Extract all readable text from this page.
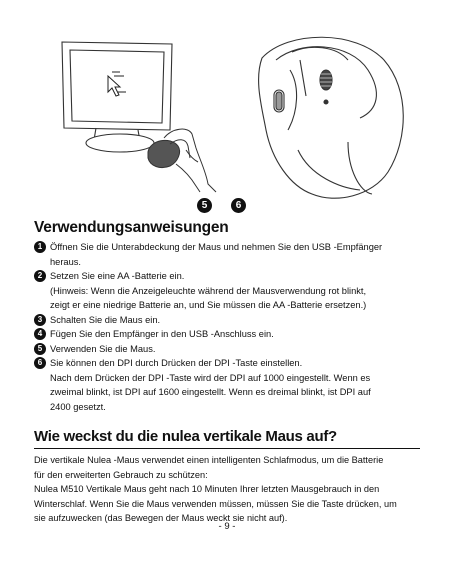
5	6
Verwendungsanweisungen
1 Öffnen Sie die Unterabdeckung der Maus und nehmen Sie den USB -Empfänger
heraus.
2 Setzen Sie eine AA -Batterie ein.
(Hinweis: Wenn die Anzeigeleuchte während der Mausverwendung rot blinkt,
zeigt er eine niedrige Batterie an, und Sie müssen die AA -Batterie ersetzen.)
3 Schalten Sie die Maus ein.
4 Fügen Sie den Empfänger in den USB -Anschluss ein.
5 Verwenden Sie die Maus.
6 Sie können den DPI durch Drücken der DPI -Taste einstellen.
Nach dem Drücken der DPI -Taste wird der DPI auf 1000 eingestellt. Wenn es
zweimal blinkt, ist DPI auf 1600 eingestellt. Wenn es dreimal blinkt, ist DPI auf
2400 gesetzt.
Wie weckst du die nulea vertikale Maus auf?
Die vertikale Nulea -Maus verwendet einen intelligenten Schlafmodus, um die Batterie
für den erweiterten Gebrauch zu schützen:
Nulea M510 Vertikale Maus geht nach 10 Minuten Ihrer letzten Mausgebrauch in den
Winterschlaf. Wenn Sie die Maus verwenden müssen, müssen Sie die Taste drücken, um
sie aufzuwecken (das Bewegen der Maus weckt sie nicht auf).
- 9 -
